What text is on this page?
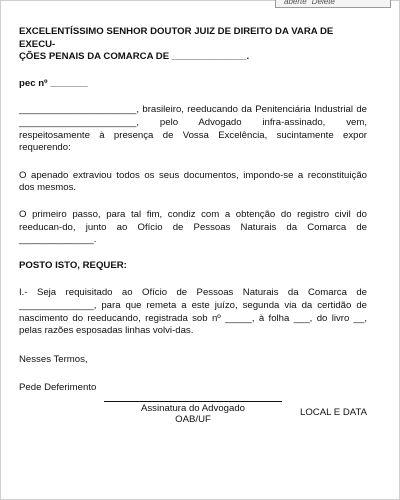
aberte "Delete"

EXCELENTÍSSIMO SENHOR DOUTOR JUIZ DE DIREITO DA VARA DE EXECU-

ÇÕES PENAIS DA COMARCA DE ______________.

pec nº _______

______________________, brasileiro, reeducando da Penitenciária Industrial de ______________________, pelo Advogado infra-assinado, vem, respeitosamente à presença de Vossa Excelência, sucintamente expor requerendo:

O apenado extraviou todos os seus documentos, impondo-se a reconstituição dos mesmos.

O primeiro passo, para tal fim, condiz com a obtenção do registro civil do reeducan-do, junto ao Ofício de Pessoas Naturais da Comarca de ______________.

POSTO ISTO, REQUER:

I.- Seja requisitado ao Ofício de Pessoas Naturais da Comarca de ______________, para que remeta a este juízo, segunda via da certidão de nascimento do reeducando, registrada sob nº _____, à folha ___, do livro __, pelas razões esposadas linhas volvi-das.

Nesses Termos,
Pede Deferimento
LOCAL E DATA
Assinatura do Advogado
OAB/UF
